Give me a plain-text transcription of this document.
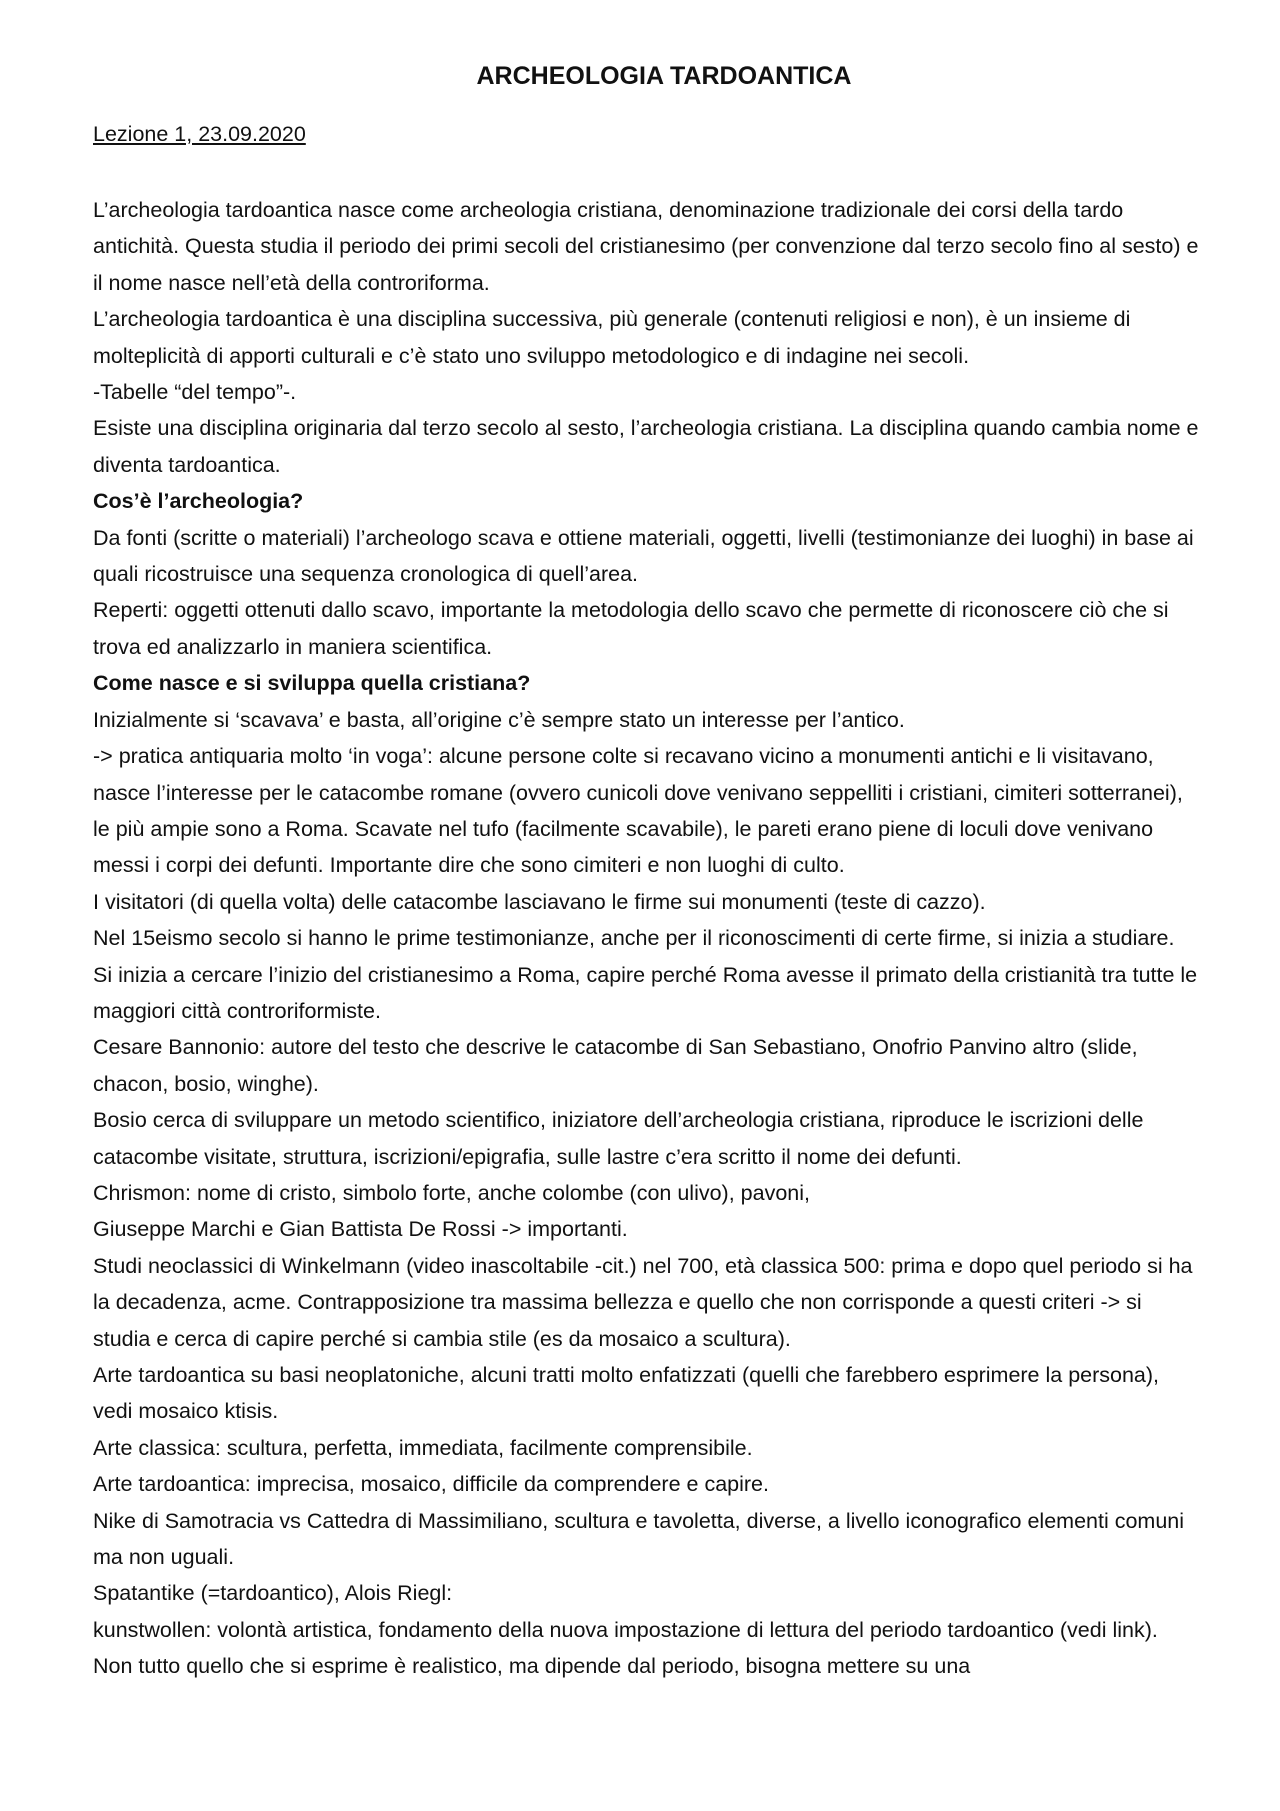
ARCHEOLOGIA TARDOANTICA
Lezione 1, 23.09.2020

L’archeologia tardoantica nasce come archeologia cristiana, denominazione tradizionale dei corsi della tardo antichità. Questa studia il periodo dei primi secoli del cristianesimo (per convenzione dal terzo secolo fino al sesto) e il nome nasce nell’età della controriforma.

L’archeologia tardoantica è una disciplina successiva, più generale (contenuti religiosi e non), è un insieme di molteplicità di apporti culturali e c’è stato uno sviluppo metodologico e di indagine nei secoli.

-Tabelle “del tempo”-.

Esiste una disciplina originaria dal terzo secolo al sesto, l’archeologia cristiana. La disciplina quando cambia nome e diventa tardoantica.

Cos’è l’archeologia?

Da fonti (scritte o materiali) l’archeologo scava e ottiene materiali, oggetti, livelli (testimonianze dei luoghi) in base ai quali ricostruisce una sequenza cronologica di quell’area.

Reperti: oggetti ottenuti dallo scavo, importante la metodologia dello scavo che permette di riconoscere ciò che si trova ed analizzarlo in maniera scientifica.

Come nasce e si sviluppa quella cristiana?

Inizialmente si ‘scavava’ e basta, all’origine c’è sempre stato un interesse per l’antico.

-> pratica antiquaria molto ‘in voga’: alcune persone colte si recavano vicino a monumenti antichi e li visitavano, nasce l’interesse per le catacombe romane (ovvero cunicoli dove venivano seppelliti i cristiani, cimiteri sotterranei), le più ampie sono a Roma. Scavate nel tufo (facilmente scavabile), le pareti erano piene di loculi dove venivano messi i corpi dei defunti. Importante dire che sono cimiteri e non luoghi di culto.

I visitatori (di quella volta) delle catacombe lasciavano le firme sui monumenti (teste di cazzo).

Nel 15eismo secolo si hanno le prime testimonianze, anche per il riconoscimenti di certe firme, si inizia a studiare.

Si inizia a cercare l’inizio del cristianesimo a Roma, capire perché Roma avesse il primato della cristianità tra tutte le maggiori città controriformiste.

Cesare Bannonio: autore del testo che descrive le catacombe di San Sebastiano, Onofrio Panvino altro (slide, chacon, bosio, winghe).

Bosio cerca di sviluppare un metodo scientifico, iniziatore dell’archeologia cristiana, riproduce le iscrizioni delle catacombe visitate, struttura, iscrizioni/epigrafia, sulle lastre c’era scritto il nome dei defunti.

Chrismon: nome di cristo, simbolo forte, anche colombe (con ulivo), pavoni,

Giuseppe Marchi e Gian Battista De Rossi -> importanti.

Studi neoclassici di Winkelmann (video inascoltabile -cit.) nel 700, età classica 500: prima e dopo quel periodo si ha la decadenza, acme. Contrapposizione tra massima bellezza e quello che non corrisponde a questi criteri -> si studia e cerca di capire perché si cambia stile (es da mosaico a scultura).

Arte tardoantica su basi neoplatoniche, alcuni tratti molto enfatizzati (quelli che farebbero esprimere la persona), vedi mosaico ktisis.

Arte classica: scultura, perfetta, immediata, facilmente comprensibile.

Arte tardoantica: imprecisa, mosaico, difficile da comprendere e capire.

Nike di Samotracia vs Cattedra di Massimiliano, scultura e tavoletta, diverse, a livello iconografico elementi comuni ma non uguali.

Spatantike (=tardoantico), Alois Riegl:

kunstwollen: volontà artistica, fondamento della nuova impostazione di lettura del periodo tardoantico (vedi link). Non tutto quello che si esprime è realistico, ma dipende dal periodo, bisogna mettere su una
